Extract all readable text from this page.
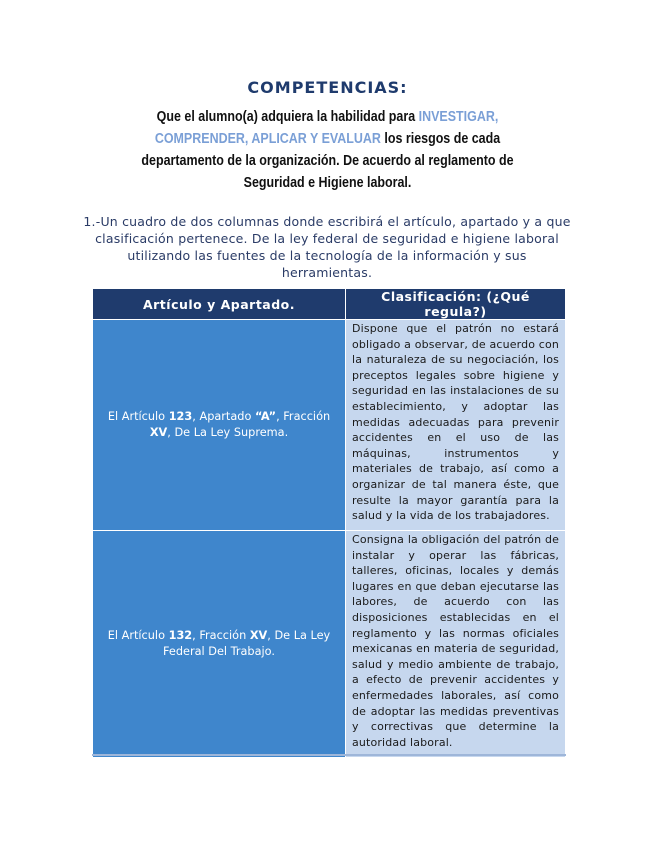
COMPETENCIAS:
Que el alumno(a) adquiera la habilidad para INVESTIGAR, COMPRENDER, APLICAR Y EVALUAR los riesgos de cada departamento de la organización. De acuerdo al reglamento de Seguridad e Higiene laboral.
1.-Un cuadro de dos columnas donde escribirá el artículo, apartado y a que clasificación pertenece. De la ley federal de seguridad e higiene laboral utilizando las fuentes de la tecnología de la información y sus herramientas.
Artículo y Apartado.	Clasificación: (¿Qué regula?)
El Artículo 123, Apartado “A”, Fracción XV, De La Ley Suprema.	Dispone que el patrón no estará obligado a observar, de acuerdo con la naturaleza de su negociación, los preceptos legales sobre higiene y seguridad en las instalaciones de su establecimiento, y adoptar las medidas adecuadas para prevenir accidentes en el uso de las máquinas, instrumentos y materiales de trabajo, así como a organizar de tal manera éste, que resulte la mayor garantía para la salud y la vida de los trabajadores.
El Artículo 132, Fracción XV, De La Ley Federal Del Trabajo.	Consigna la obligación del patrón de instalar y operar las fábricas, talleres, oficinas, locales y demás lugares en que deban ejecutarse las labores, de acuerdo con las disposiciones establecidas en el reglamento y las normas oficiales mexicanas en materia de seguridad, salud y medio ambiente de trabajo, a efecto de prevenir accidentes y enfermedades laborales, así como de adoptar las medidas preventivas y correctivas que determine la autoridad laboral.
